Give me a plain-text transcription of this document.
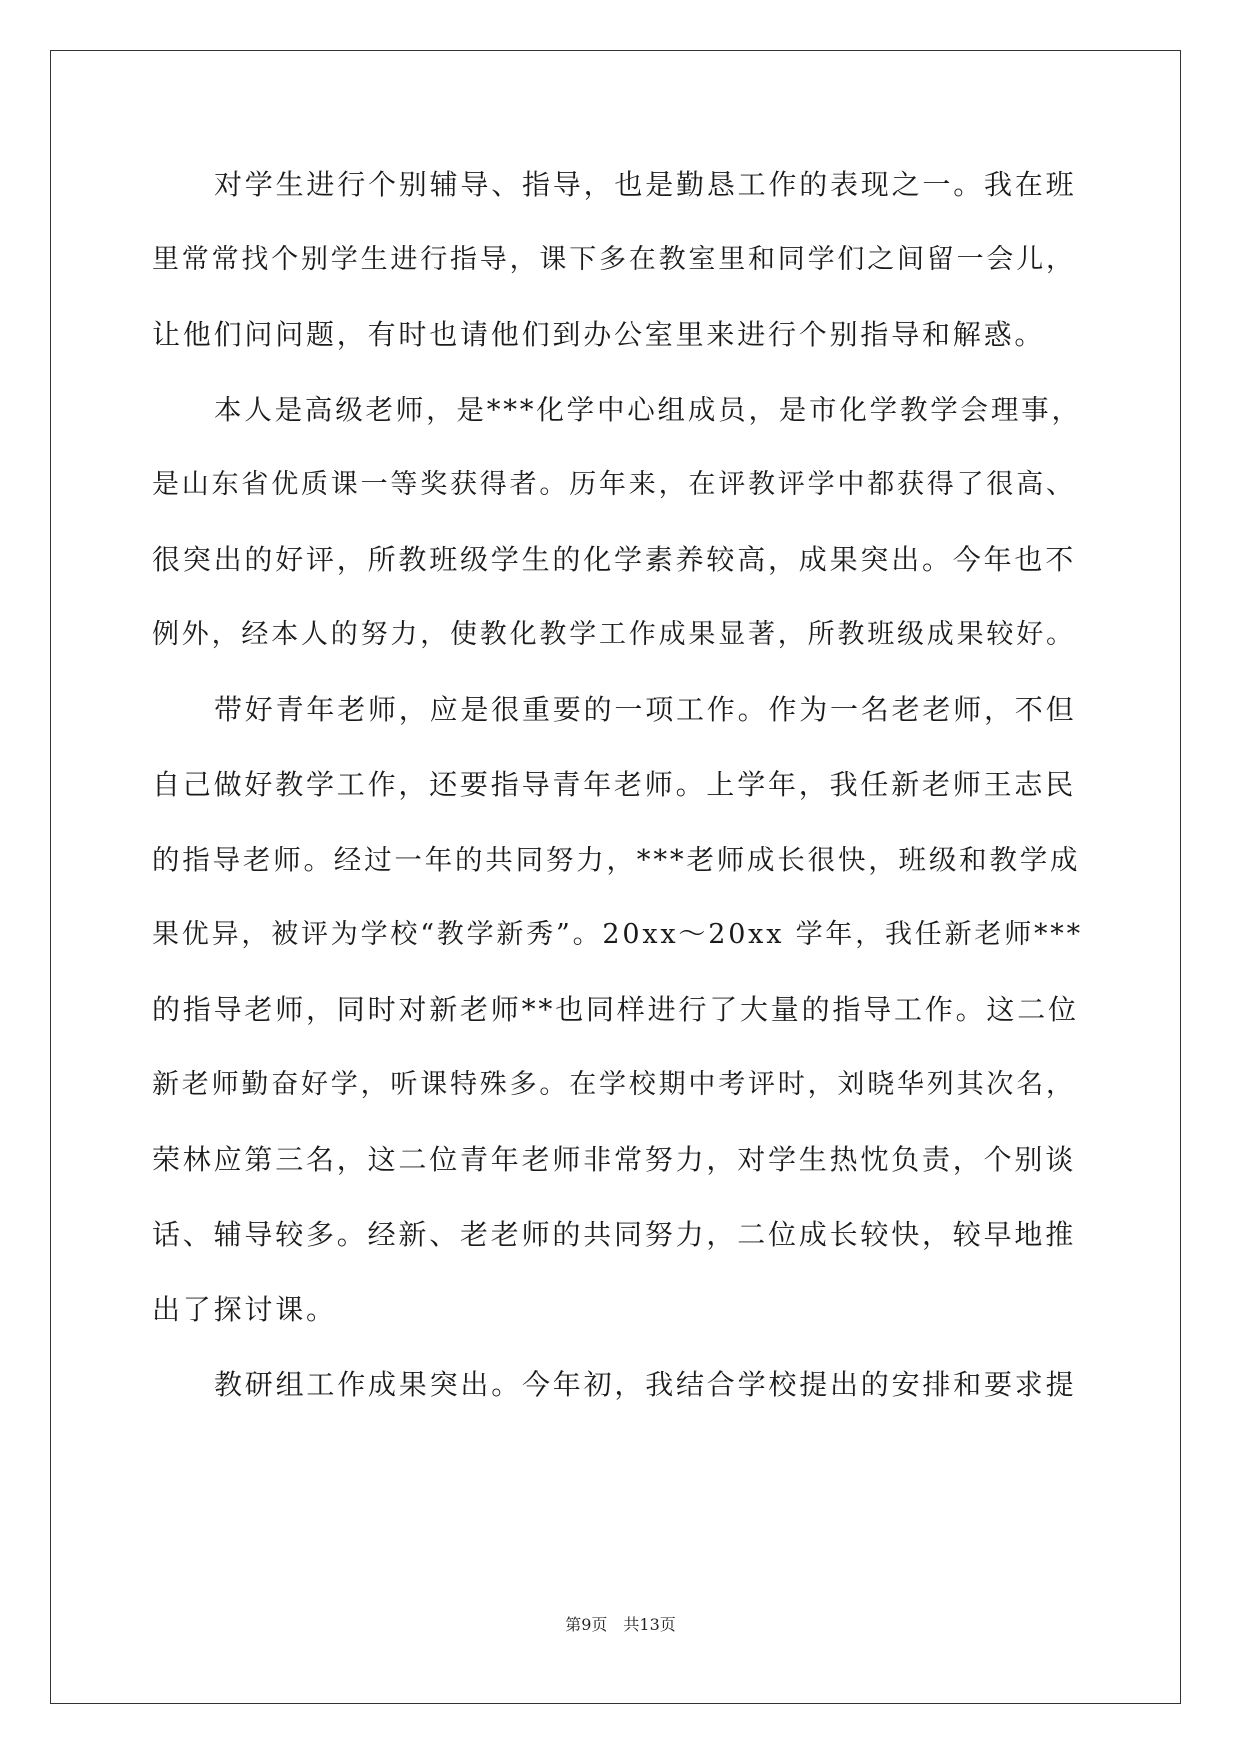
对学生进行个别辅导、指导，也是勤恳工作的表现之一。我在班
里常常找个别学生进行指导，课下多在教室里和同学们之间留一会儿，
让他们问问题，有时也请他们到办公室里来进行个别指导和解惑。
本人是高级老师，是***化学中心组成员，是市化学教学会理事，
是山东省优质课一等奖获得者。历年来，在评教评学中都获得了很高、
很突出的好评，所教班级学生的化学素养较高，成果突出。今年也不
例外，经本人的努力，使教化教学工作成果显著，所教班级成果较好。
带好青年老师，应是很重要的一项工作。作为一名老老师，不但
自己做好教学工作，还要指导青年老师。上学年，我任新老师王志民
的指导老师。经过一年的共同努力，***老师成长很快，班级和教学成
果优异，被评为学校“教学新秀”。20xx～20xx 学年，我任新老师***
的指导老师，同时对新老师**也同样进行了大量的指导工作。这二位
新老师勤奋好学，听课特殊多。在学校期中考评时，刘晓华列其次名，
荣林应第三名，这二位青年老师非常努力，对学生热忱负责，个别谈
话、辅导较多。经新、老老师的共同努力，二位成长较快，较早地推
出了探讨课。
教研组工作成果突出。今年初，我结合学校提出的安排和要求提
第9页　共13页
